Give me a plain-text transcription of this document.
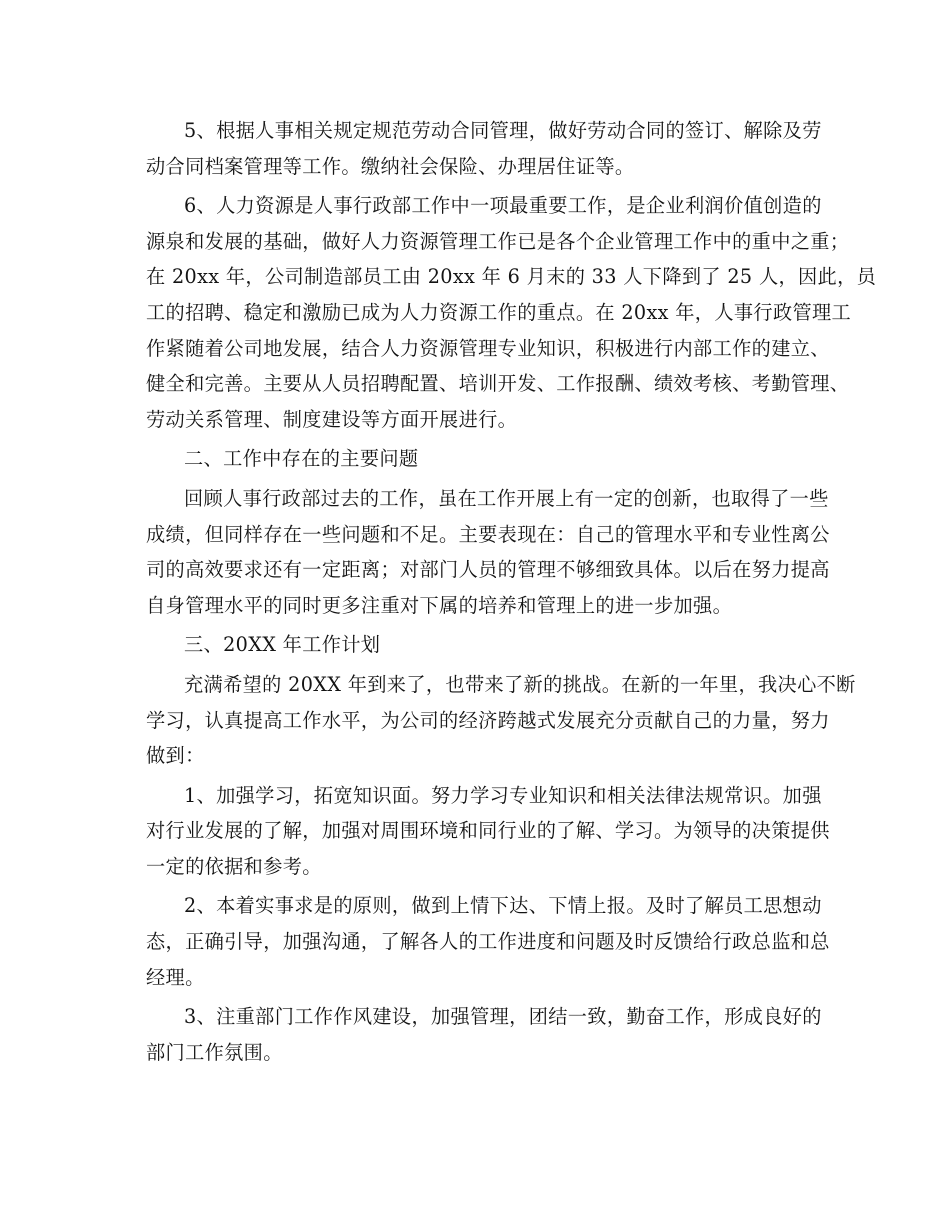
5、根据人事相关规定规范劳动合同管理，做好劳动合同的签订、解除及劳
动合同档案管理等工作。缴纳社会保险、办理居住证等。

6、人力资源是人事行政部工作中一项最重要工作，是企业利润价值创造的
源泉和发展的基础，做好人力资源管理工作已是各个企业管理工作中的重中之重；
在 20xx 年，公司制造部员工由 20xx 年 6 月末的 33 人下降到了 25 人，因此，员
工的招聘、稳定和激励已成为人力资源工作的重点。在 20xx 年，人事行政管理工
作紧随着公司地发展，结合人力资源管理专业知识，积极进行内部工作的建立、
健全和完善。主要从人员招聘配置、培训开发、工作报酬、绩效考核、考勤管理、
劳动关系管理、制度建设等方面开展进行。

二、工作中存在的主要问题

回顾人事行政部过去的工作，虽在工作开展上有一定的创新，也取得了一些
成绩，但同样存在一些问题和不足。主要表现在：自己的管理水平和专业性离公
司的高效要求还有一定距离；对部门人员的管理不够细致具体。以后在努力提高
自身管理水平的同时更多注重对下属的培养和管理上的进一步加强。

三、20XX 年工作计划

充满希望的 20XX 年到来了，也带来了新的挑战。在新的一年里，我决心不断
学习，认真提高工作水平，为公司的经济跨越式发展充分贡献自己的力量，努力
做到：

1、加强学习，拓宽知识面。努力学习专业知识和相关法律法规常识。加强
对行业发展的了解，加强对周围环境和同行业的了解、学习。为领导的决策提供
一定的依据和参考。

2、本着实事求是的原则，做到上情下达、下情上报。及时了解员工思想动
态，正确引导，加强沟通，了解各人的工作进度和问题及时反馈给行政总监和总
经理。

3、注重部门工作作风建设，加强管理，团结一致，勤奋工作，形成良好的
部门工作氛围。
